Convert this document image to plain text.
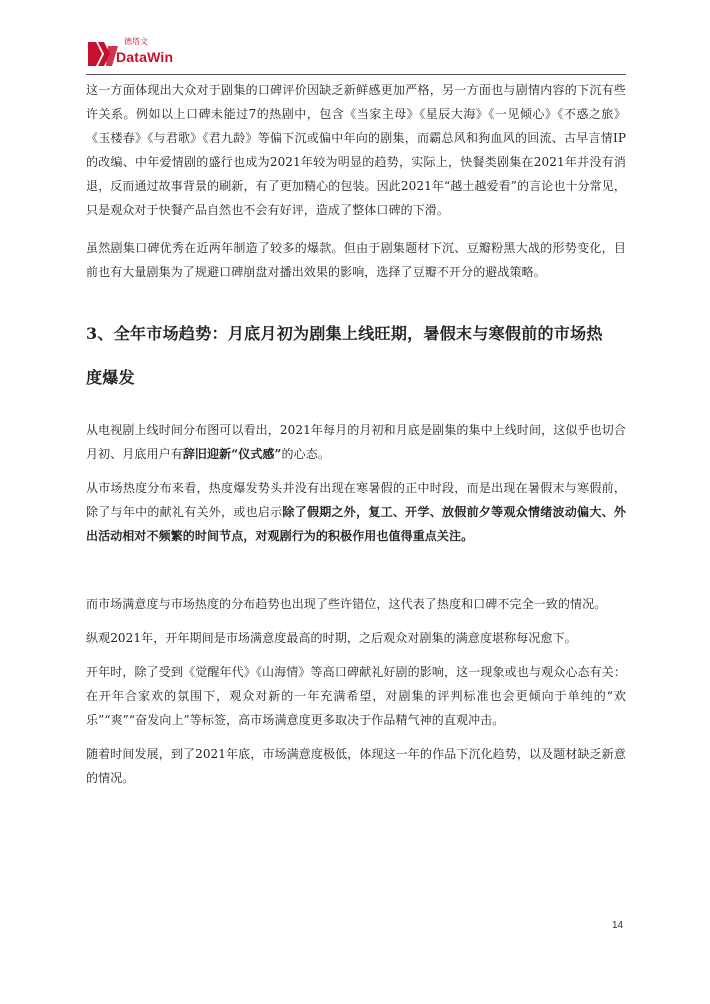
德塔文
DataWin

这一方面体现出大众对于剧集的口碑评价因缺乏新鲜感更加严格，另一方面也与剧情内容的下沉有些许关系。例如以上口碑未能过7的热剧中，包含《当家主母》《星辰大海》《一见倾心》《不惑之旅》《玉楼春》《与君歌》《君九龄》等偏下沉或偏中年向的剧集，而霸总风和狗血风的回流、古早言情IP的改编、中年爱情剧的盛行也成为2021年较为明显的趋势，实际上，快餐类剧集在2021年并没有消退，反而通过故事背景的刷新，有了更加精心的包装。因此2021年“越土越爱看”的言论也十分常见，只是观众对于快餐产品自然也不会有好评，造成了整体口碑的下滑。

虽然剧集口碑优秀在近两年制造了较多的爆款。但由于剧集题材下沉、豆瓣粉黑大战的形势变化，目前也有大量剧集为了规避口碑崩盘对播出效果的影响，选择了豆瓣不开分的避战策略。

3、全年市场趋势：月底月初为剧集上线旺期，暑假末与寒假前的市场热
度爆发

从电视剧上线时间分布图可以看出，2021年每月的月初和月底是剧集的集中上线时间，这似乎也切合月初、月底用户有辞旧迎新“仪式感”的心态。

从市场热度分布来看，热度爆发势头并没有出现在寒暑假的正中时段，而是出现在暑假末与寒假前，除了与年中的献礼有关外，或也启示除了假期之外，复工、开学、放假前夕等观众情绪波动偏大、外出活动相对不频繁的时间节点，对观剧行为的积极作用也值得重点关注。

而市场满意度与市场热度的分布趋势也出现了些许错位，这代表了热度和口碑不完全一致的情况。

纵观2021年，开年期间是市场满意度最高的时期，之后观众对剧集的满意度堪称每况愈下。

开年时，除了受到《觉醒年代》《山海情》等高口碑献礼好剧的影响，这一现象或也与观众心态有关：在开年合家欢的氛围下，观众对新的一年充满希望，对剧集的评判标准也会更倾向于单纯的“欢乐”“爽”“奋发向上”等标签，高市场满意度更多取决于作品精气神的直观冲击。

随着时间发展，到了2021年底，市场满意度极低，体现这一年的作品下沉化趋势，以及题材缺乏新意的情况。

14
